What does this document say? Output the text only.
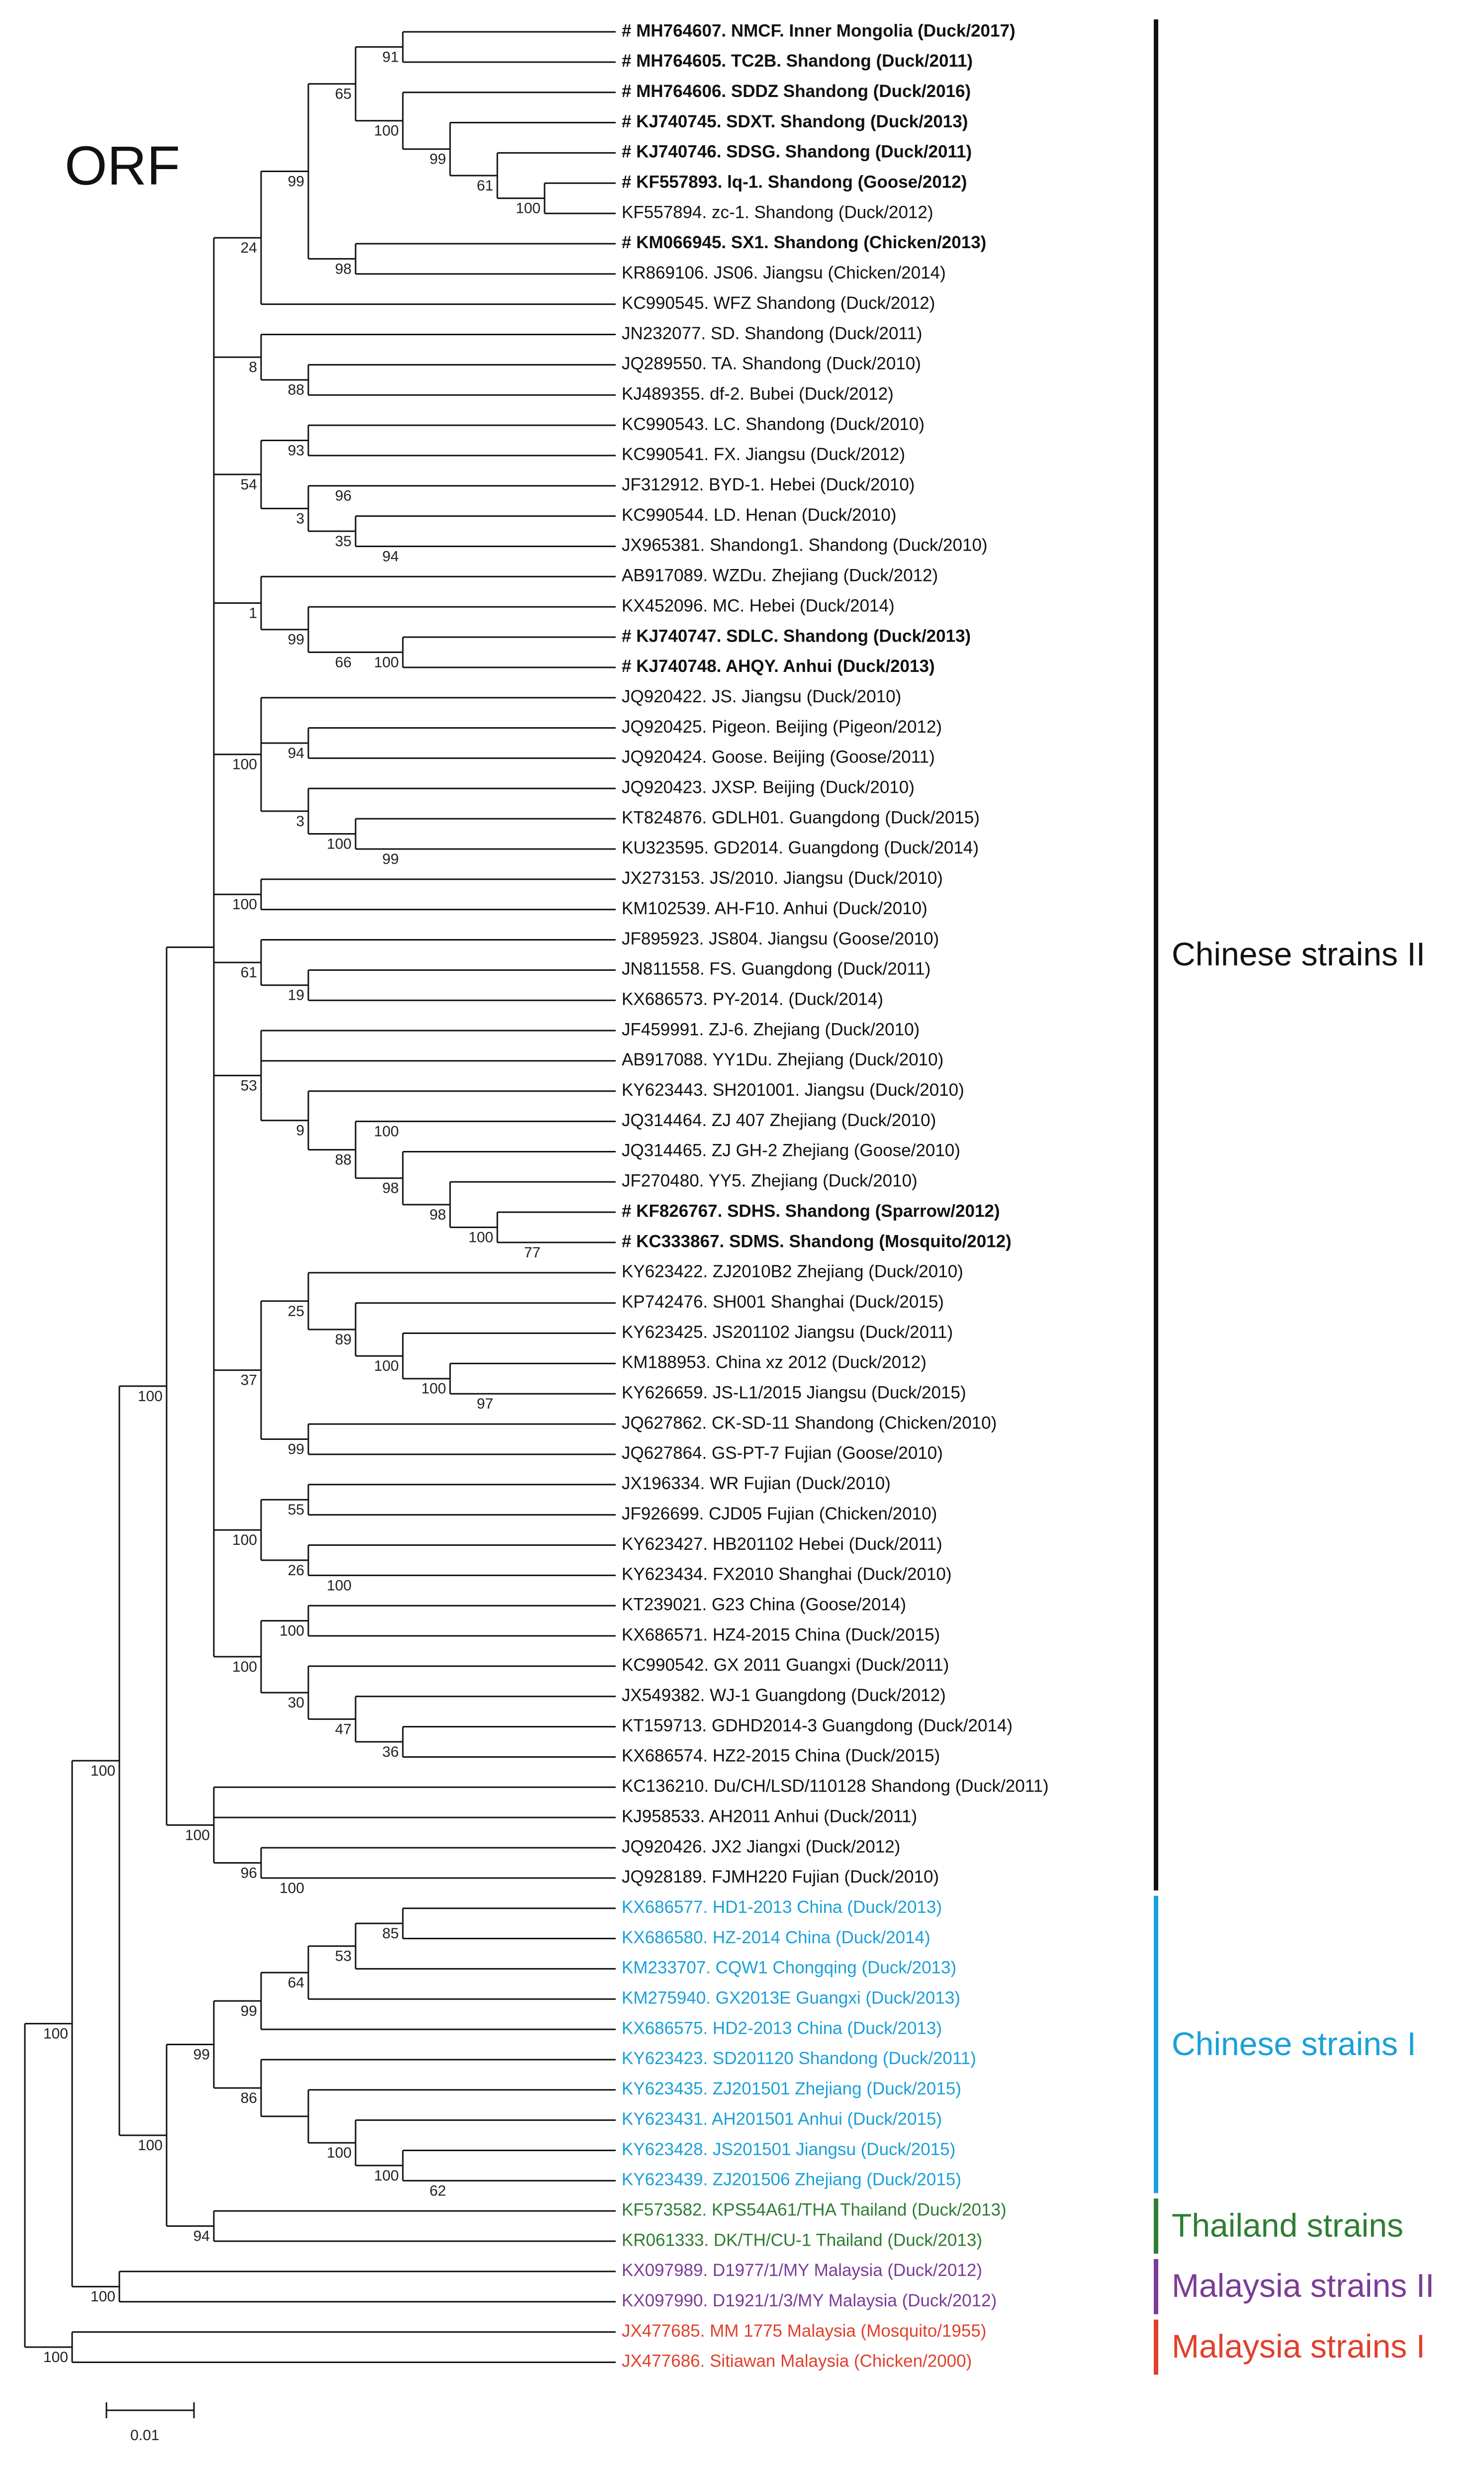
91
100
61
99
100
65
98
99
24
88
8
93
96
94
35
3
54
100
66
99
1
94
99
100
3
100
100
19
61
100
77
100
98
98
88
9
53
97
100
100
89
25
99
37
55
100
26
100
100
36
47
30
100
100
96
100
100
85
53
64
99
62
100
100
86
99
94
100
100
100
100
100
# MH764607. NMCF. Inner Mongolia (Duck/2017)
# MH764605. TC2B. Shandong (Duck/2011)
# MH764606. SDDZ Shandong (Duck/2016)
# KJ740745. SDXT. Shandong (Duck/2013)
# KJ740746. SDSG. Shandong (Duck/2011)
# KF557893. lq-1. Shandong (Goose/2012)
KF557894. zc-1. Shandong (Duck/2012)
# KM066945. SX1. Shandong (Chicken/2013)
KR869106. JS06. Jiangsu (Chicken/2014)
KC990545. WFZ Shandong (Duck/2012)
JN232077. SD. Shandong (Duck/2011)
JQ289550. TA. Shandong (Duck/2010)
KJ489355. df-2. Bubei (Duck/2012)
KC990543. LC. Shandong (Duck/2010)
KC990541. FX. Jiangsu (Duck/2012)
JF312912. BYD-1. Hebei (Duck/2010)
KC990544. LD. Henan (Duck/2010)
JX965381. Shandong1. Shandong (Duck/2010)
AB917089. WZDu. Zhejiang (Duck/2012)
KX452096. MC. Hebei (Duck/2014)
# KJ740747. SDLC. Shandong (Duck/2013)
# KJ740748. AHQY. Anhui (Duck/2013)
JQ920422. JS. Jiangsu (Duck/2010)
JQ920425. Pigeon. Beijing (Pigeon/2012)
JQ920424. Goose. Beijing (Goose/2011)
JQ920423. JXSP. Beijing (Duck/2010)
KT824876. GDLH01. Guangdong (Duck/2015)
KU323595. GD2014. Guangdong (Duck/2014)
JX273153. JS/2010. Jiangsu (Duck/2010)
KM102539. AH-F10. Anhui (Duck/2010)
JF895923. JS804. Jiangsu (Goose/2010)
JN811558. FS. Guangdong (Duck/2011)
KX686573. PY-2014. (Duck/2014)
JF459991. ZJ-6. Zhejiang (Duck/2010)
AB917088. YY1Du. Zhejiang (Duck/2010)
KY623443. SH201001. Jiangsu (Duck/2010)
JQ314464. ZJ 407 Zhejiang (Duck/2010)
JQ314465. ZJ GH-2 Zhejiang (Goose/2010)
JF270480. YY5. Zhejiang (Duck/2010)
# KF826767. SDHS. Shandong (Sparrow/2012)
# KC333867. SDMS. Shandong (Mosquito/2012)
KY623422. ZJ2010B2 Zhejiang (Duck/2010)
KP742476. SH001 Shanghai (Duck/2015)
KY623425. JS201102 Jiangsu (Duck/2011)
KM188953. China xz 2012 (Duck/2012)
KY626659. JS-L1/2015 Jiangsu (Duck/2015)
JQ627862. CK-SD-11 Shandong (Chicken/2010)
JQ627864. GS-PT-7 Fujian (Goose/2010)
JX196334. WR Fujian (Duck/2010)
JF926699. CJD05 Fujian (Chicken/2010)
KY623427. HB201102 Hebei (Duck/2011)
KY623434. FX2010 Shanghai (Duck/2010)
KT239021. G23 China (Goose/2014)
KX686571. HZ4-2015 China (Duck/2015)
KC990542. GX 2011 Guangxi (Duck/2011)
JX549382. WJ-1 Guangdong (Duck/2012)
KT159713. GDHD2014-3 Guangdong (Duck/2014)
KX686574. HZ2-2015 China (Duck/2015)
KC136210. Du/CH/LSD/110128 Shandong (Duck/2011)
KJ958533. AH2011 Anhui (Duck/2011)
JQ920426. JX2 Jiangxi (Duck/2012)
JQ928189. FJMH220 Fujian (Duck/2010)
KX686577. HD1-2013 China (Duck/2013)
KX686580. HZ-2014 China (Duck/2014)
KM233707. CQW1 Chongqing (Duck/2013)
KM275940. GX2013E Guangxi (Duck/2013)
KX686575. HD2-2013 China (Duck/2013)
KY623423. SD201120 Shandong (Duck/2011)
KY623435. ZJ201501 Zhejiang (Duck/2015)
KY623431. AH201501 Anhui (Duck/2015)
KY623428. JS201501 Jiangsu (Duck/2015)
KY623439. ZJ201506 Zhejiang (Duck/2015)
KF573582. KPS54A61/THA Thailand (Duck/2013)
KR061333. DK/TH/CU-1 Thailand (Duck/2013)
KX097989. D1977/1/MY Malaysia (Duck/2012)
KX097990. D1921/1/3/MY Malaysia (Duck/2012)
JX477685. MM 1775 Malaysia (Mosquito/1955)
JX477686. Sitiawan Malaysia (Chicken/2000)
ORF
Chinese strains II
Chinese strains I
Thailand strains
Malaysia strains II
Malaysia strains I
0.01
